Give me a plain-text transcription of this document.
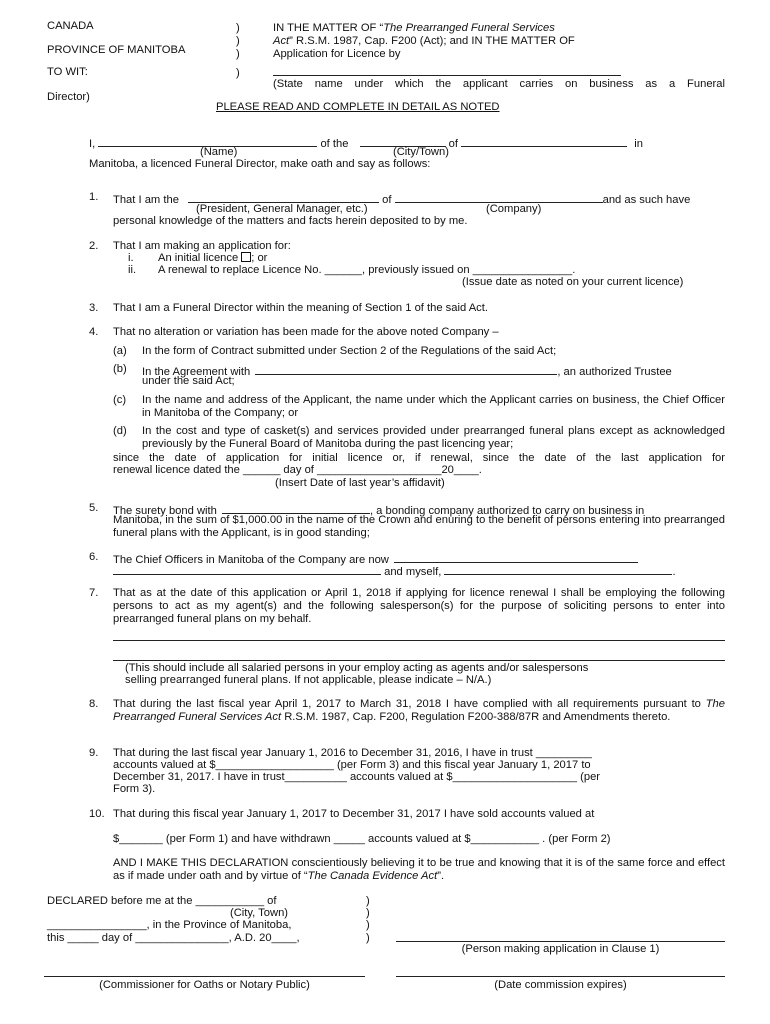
CANADA
PROVINCE OF MANITOBA
TO WIT:
)
)
)
)
IN THE MATTER OF “The Prearranged Funeral Services
Act” R.S.M. 1987, Cap. F200 (Act); and IN THE MATTER OF
Application for Licence by
(State name under which the applicant carries on business as a Funeral
Director)
PLEASE READ AND COMPLETE IN DETAIL AS NOTED
I,	of the	of	in
(Name)	(City/Town)
Manitoba, a licenced Funeral Director, make oath and say as follows:
1. That I am the	of	and as such have
(President, General Manager, etc.)	(Company)
personal knowledge of the matters and facts herein deposited to by me.
2. That I am making an application for:
i. An initial licence ; or
ii. A renewal to replace Licence No. ______, previously issued on ________________.
(Issue date as noted on your current licence)
3. That I am a Funeral Director within the meaning of Section 1 of the said Act.
4. That no alteration or variation has been made for the above noted Company –
(a) In the form of Contract submitted under Section 2 of the Regulations of the said Act;
(b) In the Agreement with	, an authorized Trustee
under the said Act;
(c) In the name and address of the Applicant, the name under which the Applicant carries on business, the Chief Officer in Manitoba of the Company; or
(d) In the cost and type of casket(s) and services provided under prearranged funeral plans except as acknowledged previously by the Funeral Board of Manitoba during the past licencing year;
since the date of application for initial licence or, if renewal, since the date of the last application for
renewal licence dated the ______ day of ____________________20____.
(Insert Date of last year’s affidavit)
5. The surety bond with	, a bonding company authorized to carry on business in
Manitoba, in the sum of $1,000.00 in the name of the Crown and enuring to the benefit of persons entering into prearranged funeral plans with the Applicant, is in good standing;
6. The Chief Officers in Manitoba of the Company are now
and myself,	.
7. That as at the date of this application or April 1, 2018 if applying for licence renewal I shall be employing the following persons to act as my agent(s) and the following salesperson(s) for the purpose of soliciting persons to enter into prearranged funeral plans on my behalf.
(This should include all salaried persons in your employ acting as agents and/or salespersons
selling prearranged funeral plans. If not applicable, please indicate – N/A.)
8. That during the last fiscal year April 1, 2017 to March 31, 2018 I have complied with all requirements pursuant to The Prearranged Funeral Services Act R.S.M. 1987, Cap. F200, Regulation F200-388/87R and Amendments thereto.
9. That during the last fiscal year January 1, 2016 to December 31, 2016, I have in trust _________
accounts valued at $___________________ (per Form 3) and this fiscal year January 1, 2017 to
December 31, 2017. I have in trust__________ accounts valued at $____________________ (per
Form 3).
10. That during this fiscal year January 1, 2017 to December 31, 2017 I have sold accounts valued at
$_______ (per Form 1) and have withdrawn _____ accounts valued at $___________ . (per Form 2)
AND I MAKE THIS DECLARATION conscientiously believing it to be true and knowing that it is of the same force and effect as if made under oath and by virtue of “The Canada Evidence Act”.
DECLARED before me at the ___________ of
(City, Town)
________________, in the Province of Manitoba,
this _____ day of _______________, A.D. 20____,
)
)
)
)
(Person making application in Clause 1)
(Commissioner for Oaths or Notary Public)	(Date commission expires)
